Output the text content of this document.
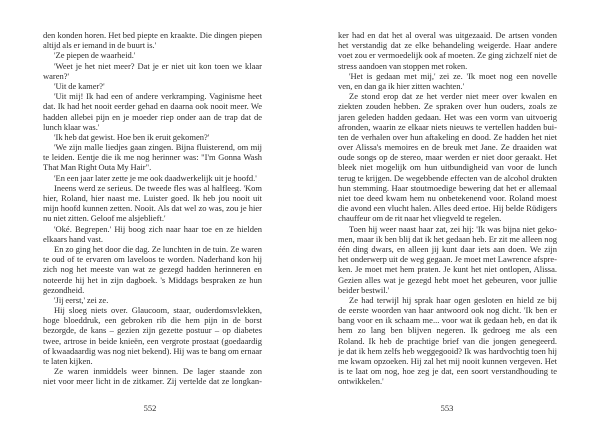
den konden horen. Het bed piepte en kraakte. Die dingen piepen
altijd als er iemand in de buurt is.'
'Ze piepen de waarheid.'
'Weet je het niet meer? Dat je er niet uit kon toen we klaar
waren?'
'Uit de kamer?'
'Uit mij! Ik had een of andere verkramping. Vaginisme heet
dat. Ik had het nooit eerder gehad en daarna ook nooit meer. We
hadden allebei pijn en je moeder riep onder aan de trap dat de
lunch klaar was.'
'Ik heb dat gewist. Hoe ben ik eruit gekomen?'
'We zijn malle liedjes gaan zingen. Bijna fluisterend, om mij
te leiden. Eentje die ik me nog herinner was: "I'm Gonna Wash
That Man Right Outa My Hair".
'En een jaar later zette je me ook daadwerkelijk uit je hoofd.'
Ineens werd ze serieus. De tweede fles was al halfleeg. 'Kom
hier, Roland, hier naast me. Luister goed. Ik heb jou nooit uit
mijn hoofd kunnen zetten. Nooit. Als dat wel zo was, zou je hier
nu niet zitten. Geloof me alsjeblieft.'
'Oké. Begrepen.' Hij boog zich naar haar toe en ze hielden
elkaars hand vast.
En zo ging het door die dag. Ze lunchten in de tuin. Ze waren
te oud of te ervaren om laveloos te worden. Naderhand kon hij
zich nog het meeste van wat ze gezegd hadden herinneren en
noteerde hij het in zijn dagboek. 's Middags bespraken ze hun
gezondheid.
'Jij eerst,' zei ze.
Hij sloeg niets over. Glaucoom, staar, ouderdomsvlekken,
hoge bloeddruk, een gebroken rib die hem pijn in de borst
bezorgde, de kans – gezien zijn gezette postuur – op diabetes
twee, artrose in beide knieën, een vergrote prostaat (goedaardig
of kwaadaardig was nog niet bekend). Hij was te bang om ernaar
te laten kijken.
Ze waren inmiddels weer binnen. De lager staande zon
niet voor meer licht in de zitkamer. Zij vertelde dat ze longkan-
ker had en dat het al overal was uitgezaaid. De artsen vonden
het verstandig dat ze elke behandeling weigerde. Haar andere
voet zou er vermoedelijk ook af moeten. Ze ging zichzelf niet de
stress aandoen van stoppen met roken.
'Het is gedaan met mij,' zei ze. 'Ik moet nog een novelle
ven, en dan ga ik hier zitten wachten.'
Ze stond erop dat ze het verder niet meer over kwalen en
ziekten zouden hebben. Ze spraken over hun ouders, zoals ze
jaren geleden hadden gedaan. Het was een vorm van uitvoerig
afronden, waarin ze elkaar niets nieuws te vertellen hadden bui-
ten de verhalen over hun aftakeling en dood. Ze hadden het niet
over Alissa's memoires en de breuk met Jane. Ze draaiden wat
oude songs op de stereo, maar werden er niet door geraakt. Het
bleek niet mogelijk om hun uitbundigheid van voor de lunch
terug te krijgen. De wegebbende effecten van de alcohol drukten
hun stemming. Haar stoutmoedige bewering dat het er allemaal
niet toe deed kwam hem nu onbetekenend voor. Roland moest
die avond een vlucht halen. Alles deed ertoe. Hij belde Rüdigers
chauffeur om de rit naar het vliegveld te regelen.
Toen hij weer naast haar zat, zei hij: 'Ik was bijna niet geko-
men, maar ik ben blij dat ik het gedaan heb. Er zit me alleen nog
één ding dwars, en alleen jij kunt daar iets aan doen. We zijn
het onderwerp uit de weg gegaan. Je moet met Lawrence afspre-
ken. Je moet met hem praten. Je kunt het niet ontlopen, Alissa.
Gezien alles wat je gezegd hebt moet het gebeuren, voor jullie
beider bestwil.'
Ze had terwijl hij sprak haar ogen gesloten en hield ze bij
de eerste woorden van haar antwoord ook nog dicht. 'Ik ben er
bang voor en ik schaam me... voor wat ik gedaan heb, en dat ik
hem zo lang ben blijven negeren. Ik gedroeg me als een
Roland. Ik heb de prachtige brief van die jongen genegeerd.
je dat ik hem zelfs heb weggegooid? Ik was hardvochtig toen hij
me kwam opzoeken. Hij zal het mij nooit kunnen vergeven. Het
is te laat om nog, hoe zeg je dat, een soort verstandhouding te
ontwikkelen.'
552	553
